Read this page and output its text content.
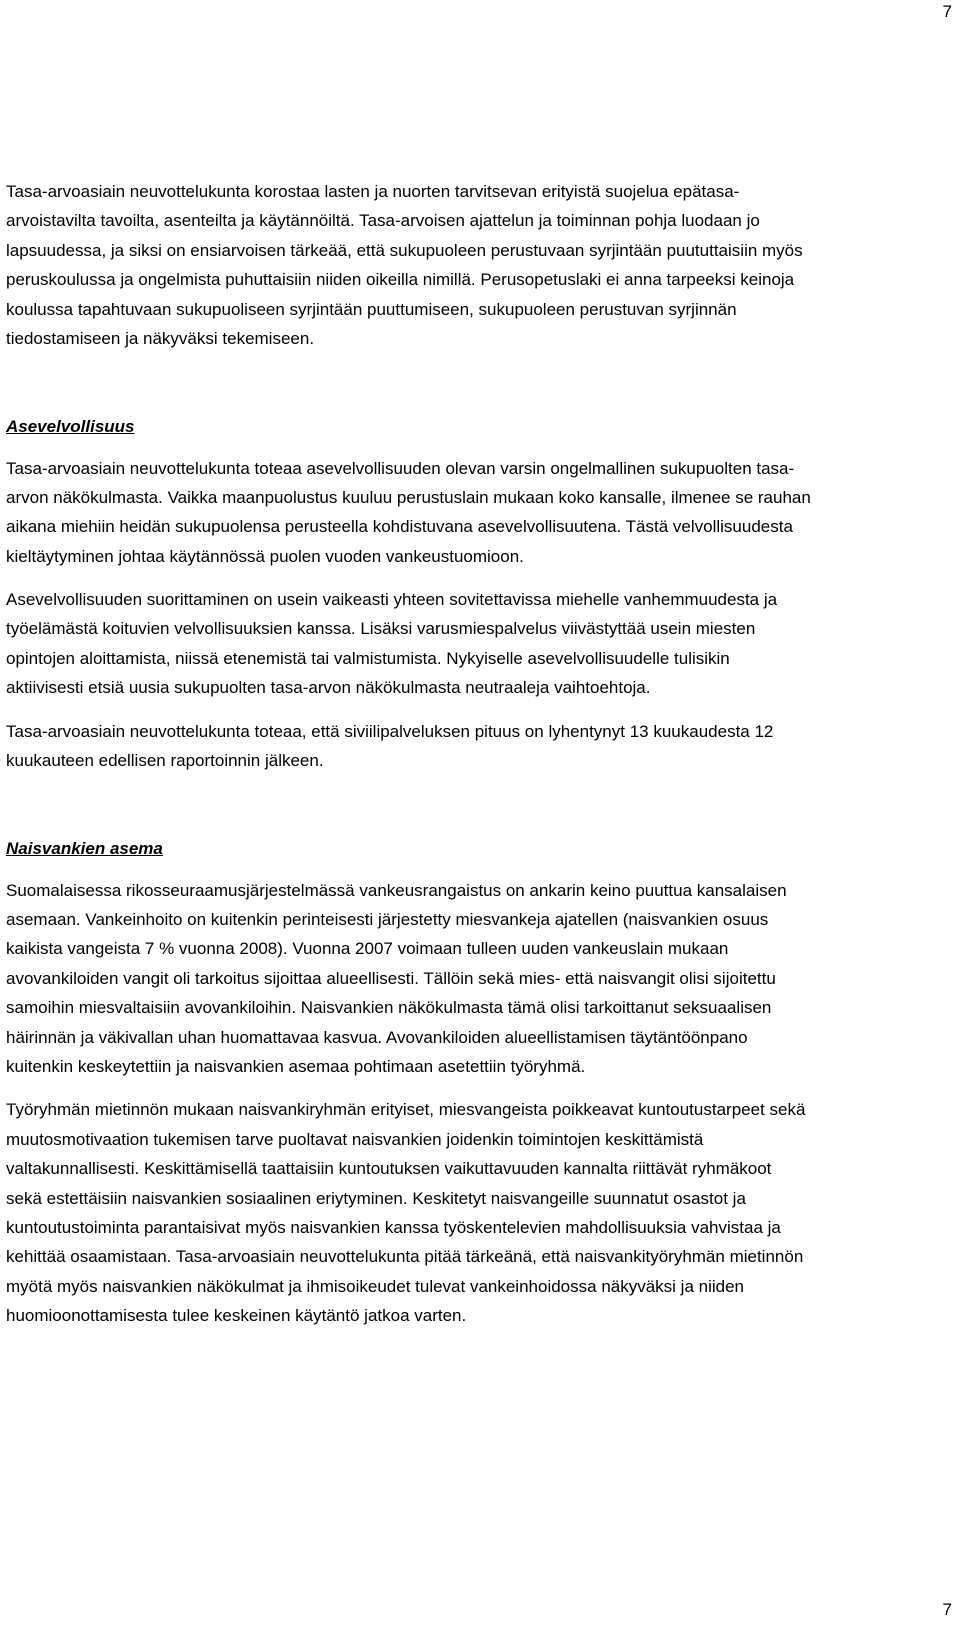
7
Tasa-arvoasiain neuvottelukunta korostaa lasten ja nuorten tarvitsevan erityistä suojelua epätasa-
arvoistavilta tavoilta, asenteilta ja käytännöiltä. Tasa-arvoisen ajattelun ja toiminnan pohja luodaan jo
lapsuudessa, ja siksi on ensiarvoisen tärkeää, että sukupuoleen perustuvaan syrjintään puututtaisiin myös
peruskoulussa ja ongelmista puhuttaisiin niiden oikeilla nimillä. Perusopetuslaki ei anna tarpeeksi keinoja
koulussa tapahtuvaan sukupuoliseen syrjintään puuttumiseen, sukupuoleen perustuvan syrjinnän
tiedostamiseen ja näkyväksi tekemiseen.
Asevelvollisuus
Tasa-arvoasiain neuvottelukunta toteaa asevelvollisuuden olevan varsin ongelmallinen sukupuolten tasa-
arvon näkökulmasta. Vaikka maanpuolustus kuuluu perustuslain mukaan koko kansalle, ilmenee se rauhan
aikana miehiin heidän sukupuolensa perusteella kohdistuvana asevelvollisuutena. Tästä velvollisuudesta
kieltäytyminen johtaa käytännössä puolen vuoden vankeustuomioon.
Asevelvollisuuden suorittaminen on usein vaikeasti yhteen sovitettavissa miehelle vanhemmuudesta ja
työelämästä koituvien velvollisuuksien kanssa. Lisäksi varusmiespalvelus viivästyttää usein miesten
opintojen aloittamista, niissä etenemistä tai valmistumista. Nykyiselle asevelvollisuudelle tulisikin
aktiivisesti etsiä uusia sukupuolten tasa-arvon näkökulmasta neutraaleja vaihtoehtoja.
Tasa-arvoasiain neuvottelukunta toteaa, että siviilipalveluksen pituus on lyhentynyt 13 kuukaudesta 12
kuukauteen edellisen raportoinnin jälkeen.
Naisvankien asema
Suomalaisessa rikosseuraamusjärjestelmässä vankeusrangaistus on ankarin keino puuttua kansalaisen
asemaan. Vankeinhoito on kuitenkin perinteisesti järjestetty miesvankeja ajatellen (naisvankien osuus
kaikista vangeista 7 % vuonna 2008). Vuonna 2007 voimaan tulleen uuden vankeuslain mukaan
avovankiloiden vangit oli tarkoitus sijoittaa alueellisesti. Tällöin sekä mies- että naisvangit olisi sijoitettu
samoihin miesvaltaisiin avovankiloihin. Naisvankien näkökulmasta tämä olisi tarkoittanut seksuaalisen
häirinnän ja väkivallan uhan huomattavaa kasvua. Avovankiloiden alueellistamisen täytäntöönpano
kuitenkin keskeytettiin ja naisvankien asemaa pohtimaan asetettiin työryhmä.
Työryhmän mietinnön mukaan naisvankiryhmän erityiset, miesvangeista poikkeavat kuntoutustarpeet sekä
muutosmotivaation tukemisen tarve puoltavat naisvankien joidenkin toimintojen keskittämistä
valtakunnallisesti. Keskittämisellä taattaisiin kuntoutuksen vaikuttavuuden kannalta riittävät ryhmäkoot
sekä estettäisiin naisvankien sosiaalinen eriytyminen. Keskitetyt naisvangeille suunnatut osastot ja
kuntoutustoiminta parantaisivat myös naisvankien kanssa työskentelevien mahdollisuuksia vahvistaa ja
kehittää osaamistaan. Tasa-arvoasiain neuvottelukunta pitää tärkeänä, että naisvankityöryhmän mietinnön
myötä myös naisvankien näkökulmat ja ihmisoikeudet tulevat vankeinhoidossa näkyväksi ja niiden
huomioonottamisesta tulee keskeinen käytäntö jatkoa varten.
7
